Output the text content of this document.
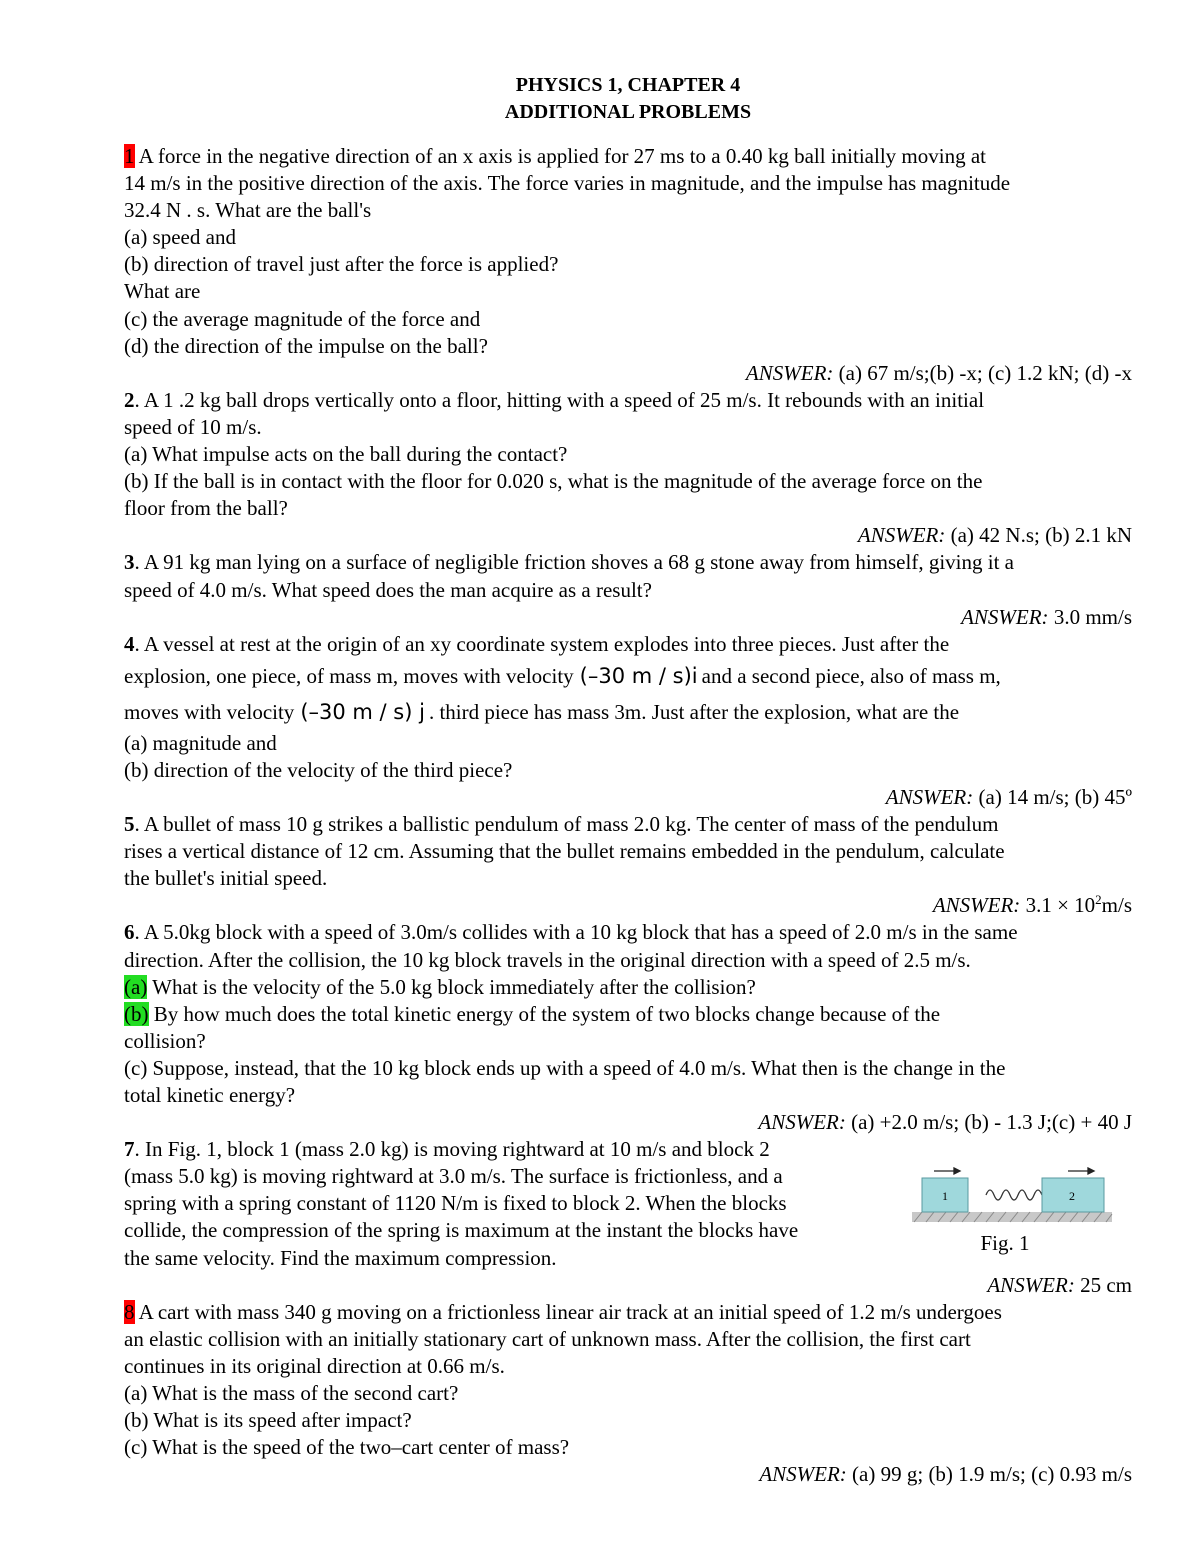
PHYSICS 1, CHAPTER 4
ADDITIONAL PROBLEMS
1 A force in the negative direction of an x axis is applied for 27 ms to a 0.40 kg ball initially moving at
14 m/s in the positive direction of the axis. The force varies in magnitude, and the impulse has magnitude
32.4 N . s. What are the ball's
(a) speed and
(b) direction of travel just after the force is applied?
What are
(c) the average magnitude of the force and
(d) the direction of the impulse on the ball?
ANSWER: (a) 67 m/s;(b) -x; (c) 1.2 kN; (d) -x
2. A 1 .2 kg ball drops vertically onto a floor, hitting with a speed of 25 m/s. It rebounds with an initial
speed of 10 m/s.
(a) What impulse acts on the ball during the contact?
(b) If the ball is in contact with the floor for 0.020 s, what is the magnitude of the average force on the
floor from the ball?
ANSWER: (a) 42 N.s; (b) 2.1 kN
3. A 91 kg man lying on a surface of negligible friction shoves a 68 g stone away from himself, giving it a
speed of 4.0 m/s. What speed does the man acquire as a result?
ANSWER: 3.0 mm/s
4. A vessel at rest at the origin of an xy coordinate system explodes into three pieces. Just after the
explosion, one piece, of mass m, moves with velocity (–30 m / s)i and a second piece, also of mass m,
moves with velocity (–30 m / s) j . third piece has mass 3m. Just after the explosion, what are the
(a) magnitude and
(b) direction of the velocity of the third piece?
ANSWER: (a) 14 m/s; (b) 45º
5. A bullet of mass 10 g strikes a ballistic pendulum of mass 2.0 kg. The center of mass of the pendulum
rises a vertical distance of 12 cm. Assuming that the bullet remains embedded in the pendulum, calculate
the bullet's initial speed.
ANSWER: $3.1 \times 10^2m/s$
6. A 5.0kg block with a speed of 3.0m/s collides with a 10 kg block that has a speed of 2.0 m/s in the same
direction. After the collision, the 10 kg block travels in the original direction with a speed of 2.5 m/s.
(a) What is the velocity of the 5.0 kg block immediately after the collision?
(b) By how much does the total kinetic energy of the system of two blocks change because of the
collision?
(c) Suppose, instead, that the 10 kg block ends up with a speed of 4.0 m/s. What then is the change in the
total kinetic energy?
ANSWER: (a) +2.0 m/s; (b) - 1.3 J;(c) + 40 J
7. In Fig. 1, block 1 (mass 2.0 kg) is moving rightward at 10 m/s and block 2
(mass 5.0 kg) is moving rightward at 3.0 m/s. The surface is frictionless, and a
spring with a spring constant of 1120 N/m is fixed to block 2. When the blocks
collide, the compression of the spring is maximum at the instant the blocks have
the same velocity. Find the maximum compression.
ANSWER: 25 cm
8 A cart with mass 340 g moving on a frictionless linear air track at an initial speed of 1.2 m/s undergoes
an elastic collision with an initially stationary cart of unknown mass. After the collision, the first cart
continues in its original direction at 0.66 m/s.
(a) What is the mass of the second cart?
(b) What is its speed after impact?
(c) What is the speed of the two–cart center of mass?
ANSWER: (a) 99 g; (b) 1.9 m/s; (c) 0.93 m/s
1	2
Fig. 1
